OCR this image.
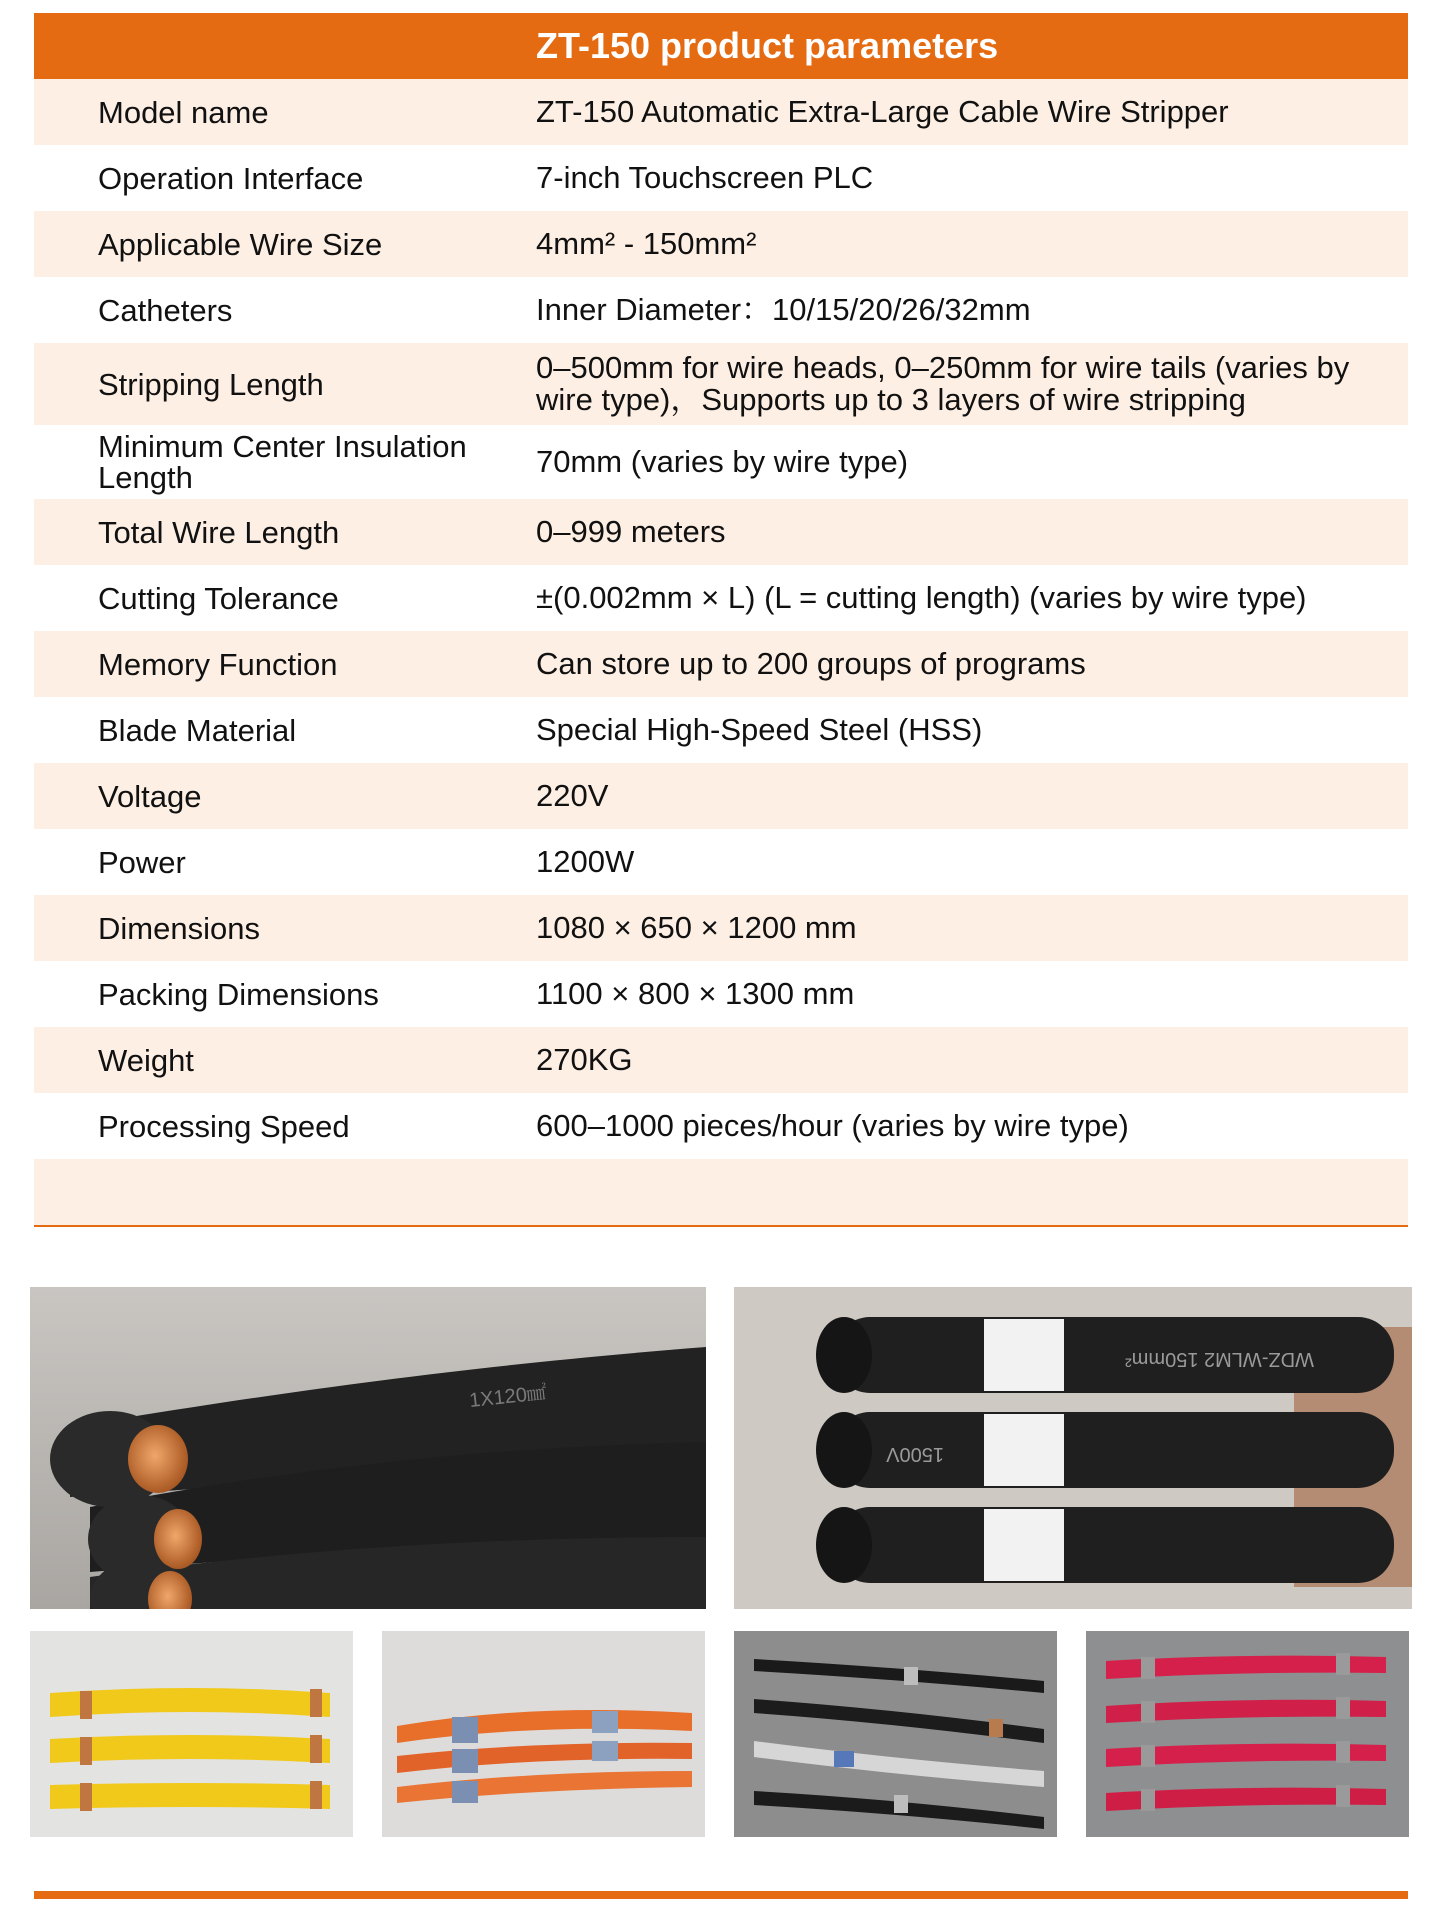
ZT-150 product parameters
Model name	ZT-150 Automatic Extra-Large Cable Wire Stripper
Operation Interface	7-inch Touchscreen PLC
Applicable Wire Size	4mm² - 150mm²
Catheters	Inner Diameter：10/15/20/26/32mm
Stripping Length	0–500mm for wire heads, 0–250mm for wire tails (varies by wire type)，Supports up to 3 layers of wire stripping
Minimum Center Insulation Length	70mm (varies by wire type)
Total Wire Length	0–999 meters
Cutting Tolerance	±(0.002mm × L) (L = cutting length) (varies by wire type)
Memory Function	Can store up to 200 groups of programs
Blade Material	Special High-Speed Steel (HSS)
Voltage	220V
Power	1200W
Dimensions	1080 × 650 × 1200 mm
Packing Dimensions	1100 × 800 × 1300 mm
Weight	270KG
Processing Speed	600–1000 pieces/hour (varies by wire type)
1X120㎟
WDZ-WLM2 150mm²
1500V
